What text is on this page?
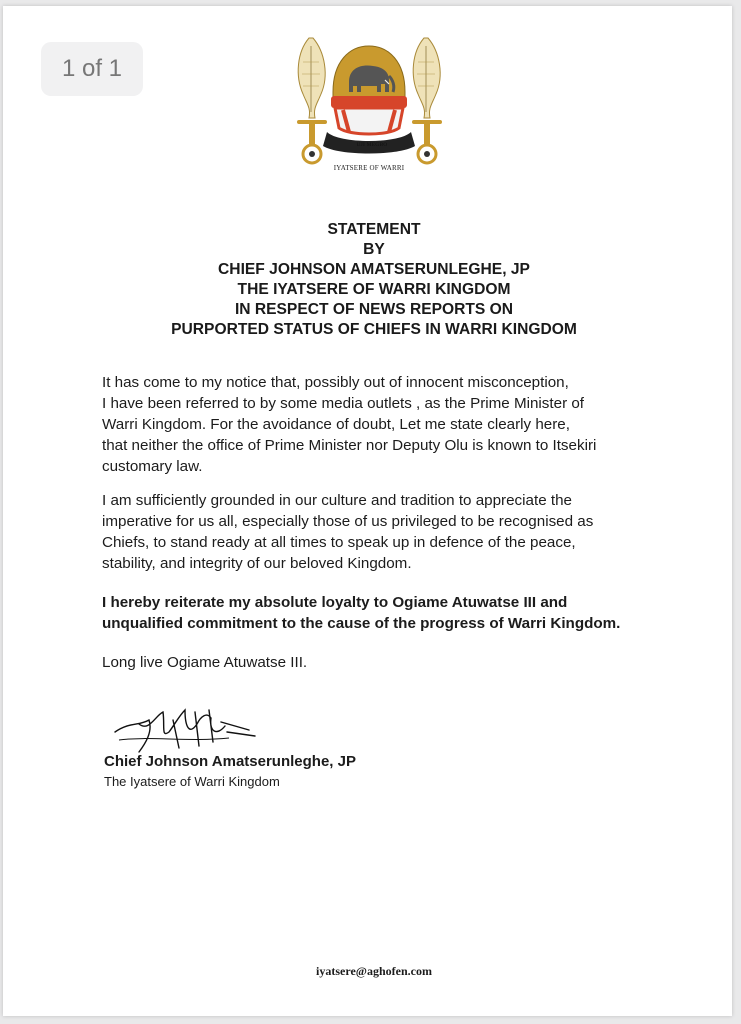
1 of 1
UJI MEGBO
IYATSERE OF WARRI
STATEMENT
BY
CHIEF JOHNSON AMATSERUNLEGHE, JP
THE IYATSERE OF WARRI KINGDOM
IN RESPECT OF NEWS REPORTS ON
PURPORTED STATUS OF CHIEFS IN WARRI KINGDOM
It has come to my notice that, possibly out of innocent misconception,
I have been referred to by some media outlets , as the Prime Minister of
Warri Kingdom. For the avoidance of doubt, Let me state clearly here,
that neither the office of Prime Minister nor Deputy Olu is known to Itsekiri
customary law.
I am sufficiently grounded in our culture and tradition to appreciate the
imperative for us all, especially those of us privileged to be recognised as
Chiefs, to stand ready at all times to speak up in defence of the peace,
stability, and integrity of our beloved Kingdom.
I hereby reiterate my absolute loyalty to Ogiame Atuwatse III and
unqualified commitment to the cause of the progress of Warri Kingdom.
Long live Ogiame Atuwatse III.
Chief Johnson Amatserunleghe, JP
The Iyatsere of Warri Kingdom
iyatsere@aghofen.com
